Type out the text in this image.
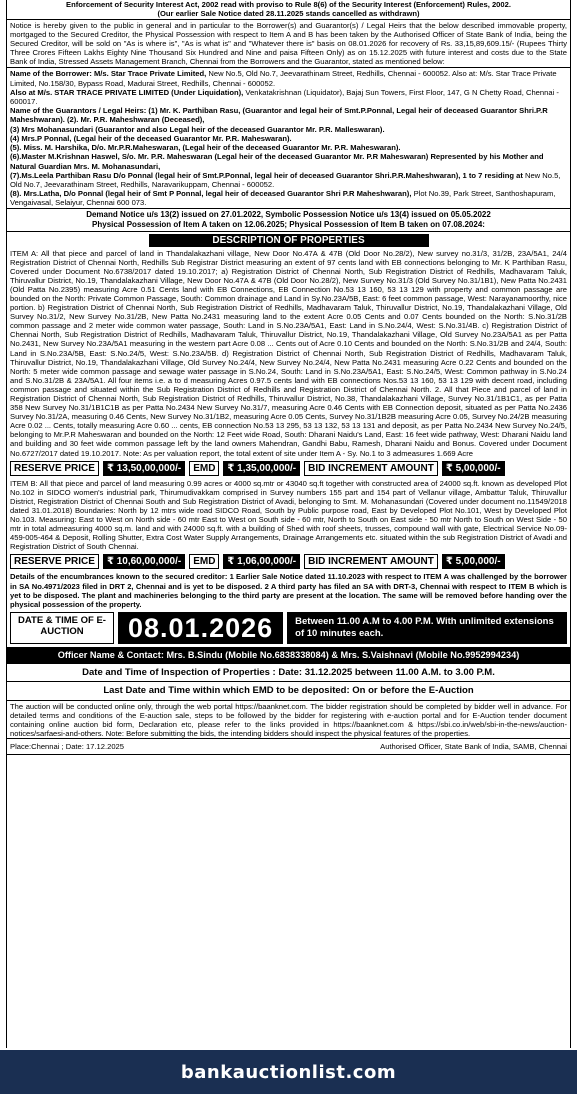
Enforcement of Security Interest Act, 2002 read with proviso to Rule 8(6) of the Security Interest (Enforcement) Rules, 2002.
(Our earlier Sale Notice dated 28.11.2025 stands cancelled as withdrawn)

Notice is hereby given to the public in general and in particular to the Borrower(s) and Guarantor(s) / Legal Heirs that the below described immovable property, mortgaged to the Secured Creditor, the Physical Possession with respect to Item A and B has been taken by the Authorised Officer of State Bank of India, being the Secured Creditor, will be sold on "As is where is", "As is what is" and "Whatever there is" basis on 08.01.2026 for recovery of Rs. 33,15,89,609.15/- (Rupees Thirty Three Crores Fifteen Lakhs Eighty Nine Thousand Six Hundred and Nine and paisa Fifteen Only) as on 15.12.2025 with future interest and costs due to the State Bank of India, Stressed Assets Management Branch, Chennai from the Borrowers and the Guarantor, stated as mentioned below:

Name of the Borrower: M/s. Star Trace Private Limited, New No.5, Old No.7, Jeevarathinam Street, Redhills, Chennai - 600052. Also at: M/s. Star Trace Private Limited, No.158/30, Bypass Road, Madurai Street, Redhills, Chennai - 600052.

Also at M/s. STAR TRACE PRIVATE LIMITED (Under Liquidation), Venkatakrishnan (Liquidator), Bajaj Sun Towers, First Floor, 147, G N Chetty Road, Chennai - 600017.

Name of the Guarantors / Legal Heirs: (1) Mr. K. Parthiban Rasu, (Guarantor and legal heir of Smt.P.Ponnal, Legal heir of deceased Guarantor Shri.P.R Maheshwaran). (2). Mr. P.R. Maheshwaran (Deceased),

(3) Mrs Mohanasundari (Guarantor and also Legal heir of the deceased Guarantor Mr. P.R. Malleswaran).

(4) Mrs.P Ponnal, (Legal heir of the deceased Guarantor Mr. P.R. Maheswaran).

(5). Miss. M. Harshika, D/o. Mr.P.R.Maheswaran, (Legal heir of the deceased Guarantor Mr. P.R. Maheswaran).

(6).Master M.Krishnan Haswel, S/o. Mr. P.R. Maheswaran (Legal heir of the deceased Guarantor Mr. P.R Maheswaran) Represented by his Mother and Natural Guardian Mrs. M. Mohanasundari,

(7).Ms.Leela Parthiban Rasu D/o Ponnal (legal heir of Smt.P.Ponnal, legal heir of deceased Guarantor Shri.P.R.Maheshwaran), 1 to 7 residing at New No.5, Old No.7, Jeevarathinam Street, Redhills, Naravarikuppam, Chennai - 600052.

(8). Mrs.Latha, D/o Ponnal (legal heir of Smt P Ponnal, legal heir of deceased Guarantor Shri P.R Maheshwaran), Plot No.39, Park Street, Santhoshapuram, Vengaivasal, Selaiyur, Chennai 600 073.

Demand Notice u/s 13(2) issued on 27.01.2022, Symbolic Possession Notice u/s 13(4) issued on 05.05.2022
Physical Possession of Item A taken on 12.06.2025; Physical Possession of Item B taken on 07.08.2024:
DESCRIPTION OF PROPERTIES

ITEM A: All that piece and parcel of land in Thandalakazhani village, New Door No.47A & 47B (Old Door No.28/2), New survey no.31/3, 31/2B, 23A/5A1, 24/4 Registration District of Chennai North, Redhills Sub Registrar District measuring an extent of 97 cents land with EB connections belonging to Mr. K Parthiban Rasu, Covered under Document No.6738/2017 dated 19.10.2017; a) Registration District of Chennai North, Sub Registration District of Redhills, Madhavaram Taluk, Thiruvallur District, No.19, Thandalakazhani Village, New Door No.47A & 47B (Old Door No.28/2), New Survey No.31/3 (Old Survey No.31/1B1), New Patta No.2431 (Old Patta No.2395) measuring Acre 0.51 Cents land with EB Connections, EB Connection No.53 13 160, 53 13 129 with property and common passage are bounded on the North: Private Common Passage, South: Common drainage and Land in Sy.No.23A/5B, East: 6 feet common passage, West: Narayanamoorthy, nice portion. b) Registration District of Chennai North, Sub Registration District of Redhills, Madhavaram Taluk, Thiruvallur District, No.19, Thandalakazhani Village, Old Survey No.31/2, New Survey No.31/2B, New Patta No.2431 measuring land to the extent Acre 0.05 Cents and 0.07 Cents bounded on the North: S.No.31/2B common passage and 2 meter wide common water passage, South: Land in S.No.23A/5A1, East: Land in S.No.24/4, West: S.No.31/4B. c) Registration District of Chennai North, Sub Registration District of Redhills, Madhavaram Taluk, Thiruvallur District, No.19, Thandalakazhani Village, Old Survey No.23A/5A1 as per Patta No.2431, New Survey No.23A/5A1 measuring in the western part Acre 0.08 ... Cents out of Acre 0.10 Cents and bounded on the North: S.No.31/2B and 24/4, South: Land in S.No.23A/5B, East: S.No.24/5, West: S.No.23A/5B. d) Registration District of Chennai North, Sub Registration District of Redhills, Madhavaram Taluk, Thiruvallur District, No.19, Thandalakazhani Village, Old Survey No.24/4, New Survey No.24/4, New Patta No.2431 measuring Acre 0.22 Cents and bounded on the North: 5 meter wide common passage and sewage water passage in S.No.24, South: Land in S.No.23A/5A1, East: S.No.24/5, West: Common pathway in S.No.24 and S.No.31/2B & 23A/5A1. All four items i.e. a to d measuring Acres 0.97.5 cents land with EB connections Nos.53 13 160, 53 13 129 with decent road, including common passage and situated within the Sub Registration District of Redhills and Registration District of Chennai North. 2. All that Piece and parcel of land in Registration District of Chennai North, Sub Registration District of Redhills, Thiruvallur District, No.38, Thandalakazhani Village, Survey No.31/1B1C1, as per Patta 358 New Survey No.31/1B1C1B as per Patta No.2434 New Survey No.31/7, measuring Acre 0.46 Cents with EB Connection deposit, situated as per Patta No.2436 Survey No.31/2A, measuring 0.46 Cents, New Survey No.31/1B2, measuring Acre 0.05 Cents, Survey No.31/1B2B measuring Acre 0.05, Survey No.24/2B measuring Acre 0.02 ... Cents, totally measuring Acre 0.60 ... cents, EB connection No.53 13 295, 53 13 132, 53 13 131 and deposit, as per Patta No.2434 New Survey No.24/5, belonging to Mr.P.R Maheswaran and bounded on the North: 12 Feet wide Road, South: Dharani Naidu's Land, East: 16 feet wide pathway, West: Dharani Naidu land and building and 30 feet wide common passage left by the land owners Mahendran, Gandhi Babu, Ramesh, Dharani Naidu and Bonus. Covered under Document No.6727/2017 dated 19.10.2017. Note: As per valuation report, the total extent of site under Item A - Sy. No.1 to 3 admeasures 1.669 Acre

RESERVE PRICE	₹ 13,50,00,000/-	EMD	₹ 1,35,00,000/-	BID INCREMENT AMOUNT	₹ 5,00,000/-

ITEM B: All that piece and parcel of land measuring 0.99 acres or 4000 sq.mtr or 43040 sq.ft together with constructed area of 24000 sq.ft. known as developed Plot No.102 in SIDCO women's industrial park, Thirumudivakkam comprised in Survey numbers 155 part and 154 part of Vellanur village, Ambattur Taluk, Thiruvallur District, Registration District of Chennai South and Sub Registration District of Avadi, belonging to Smt. M. Mohanasundari (Covered under document no.11549/2018 dated 31.01.2018) Boundaries: North by 12 mtrs wide road SIDCO Road, South by Public purpose road, East by Developed Plot No.101, West by Developed Plot No.103. Measuring: East to West on North side - 60 mtr East to West on South side - 60 mtr, North to South on East side - 50 mtr North to South on West Side - 50 mtr in total admeasuring 4000 sq.m. land and with 24000 sq.ft. with a building of Shed with roof sheets, trusses, compound wall with gate, Electrical Service No.09-459-005-464 & Deposit, Rolling Shutter, Extra Cost Water Supply Arrangements, Drainage Arrangements etc. situated within the sub Registration District of Avadi and Registration District of South Chennai.

RESERVE PRICE	₹ 10,60,00,000/-	EMD	₹ 1,06,00,000/-	BID INCREMENT AMOUNT	₹ 5,00,000/-

Details of the encumbrances known to the secured creditor: 1 Earlier Sale Notice dated 11.10.2023 with respect to ITEM A was challenged by the borrower in SA No.4971/2023 filed in DRT 2, Chennai and is yet to be disposed. 2 A third party has filed an SA with DRT-3, Chennai with respect to ITEM B which is yet to be disposed. The plant and machineries belonging to the third party are present at the location. The same will be removed before handing over the physical possession of the property.

DATE & TIME OF E-AUCTION	08.01.2026	Between 11.00 A.M to 4.00 P.M. With unlimited extensions of 10 minutes each.
Officer Name & Contact: Mrs. B.Sindu (Mobile No.6838338084) & Mrs. S.Vaishnavi (Mobile No.9952994234)
Date and Time of Inspection of Properties : Date: 31.12.2025 between 11.00 A.M. to 3.00 P.M.
Last Date and Time within which EMD to be deposited: On or before the E-Auction

The auction will be conducted online only, through the web portal https://baanknet.com. The bidder registration should be completed by bidder well in advance. For detailed terms and conditions of the E-auction sale, steps to be followed by the bidder for registering with e-auction portal and for E-Auction tender document containing online auction bid form, Declaration etc, please refer to the links provided in https://baanknet.com & https://sbi.co.in/web/sbi-in-the-news/auction-notices/sarfaesi-and-others. Note: Before submitting the bids, the intending bidders should inspect the physical features of the properties.

Place:Chennai ; Date: 17.12.2025	Authorised Officer, State Bank of India, SAMB, Chennai
bankauctionlist.com
